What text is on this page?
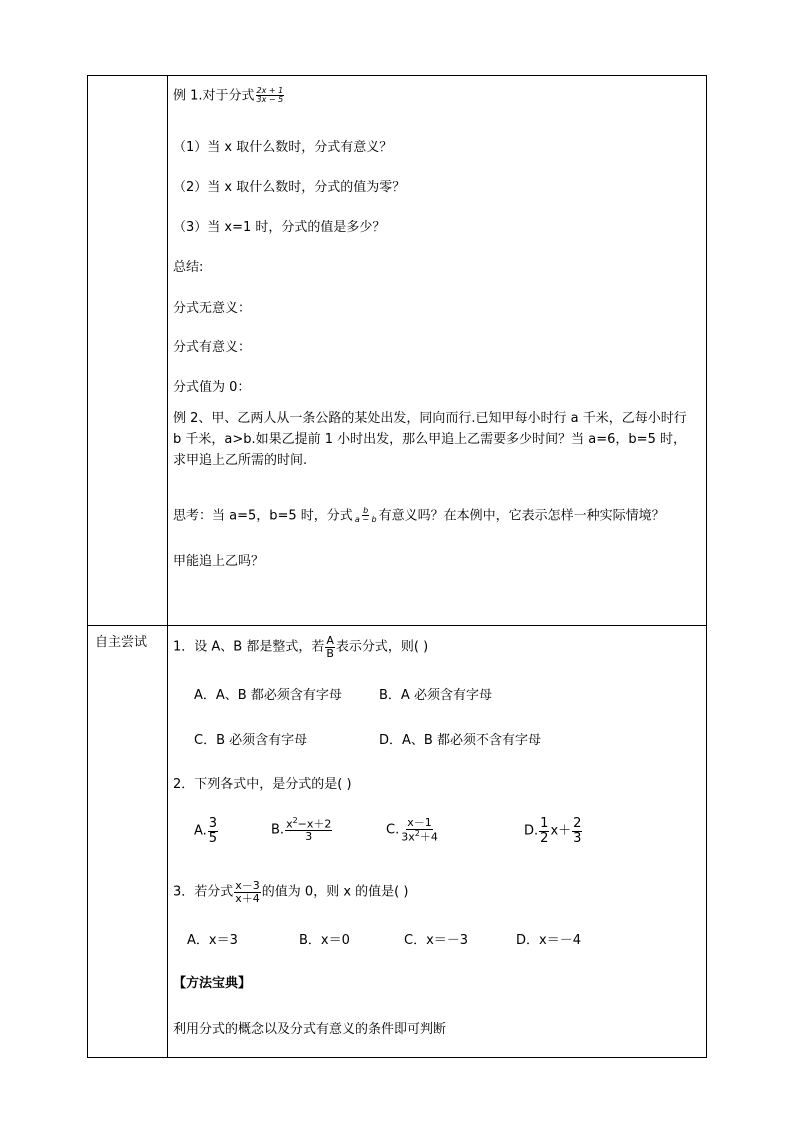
例 1.对于分式 $\frac{2x + 1}{3x - 5}$
（1）当 x 取什么数时，分式有意义？
（2）当 x 取什么数时，分式的值为零？
（3）当 x=1 时，分式的值是多少？
总结:
分式无意义：
分式有意义：
分式值为 0：
例 2、甲、乙两人从一条公路的某处出发，同向而行.已知甲每小时行 a 千米，乙每小时行 b 千米，a>b.如果乙提前 1 小时出发，那么甲追上乙需要多少时间？当 a=6，b=5 时，求甲追上乙所需的时间.
思考：当 a=5，b=5 时，分式 $\frac{b}{a - b}$ 有意义吗？在本例中，它表示怎样一种实际情境？
甲能追上乙吗？
自主尝试 1．设 A、B 都是整式，若 $\frac{A}{B}$ 表示分式，则( )
A．A、B 都必须含有字母	B．A 必须含有字母
C．B 必须含有字母	D．A、B 都必须不含有字母
2．下列各式中，是分式的是( )
A. $\frac{3}{5}$	B. $\frac{x^2-x+2}{3}$	C. $\frac{x-1}{3x^2+4}$	D. $\frac{1}{2} x+ \frac{2}{3}$
3．若分式 $\frac{x-3}{x+4}$ 的值为 0，则 x 的值是( )
A．x＝3	B．x＝0	C．x＝－3	D．x＝－4
【方法宝典】
利用分式的概念以及分式有意义的条件即可判断
